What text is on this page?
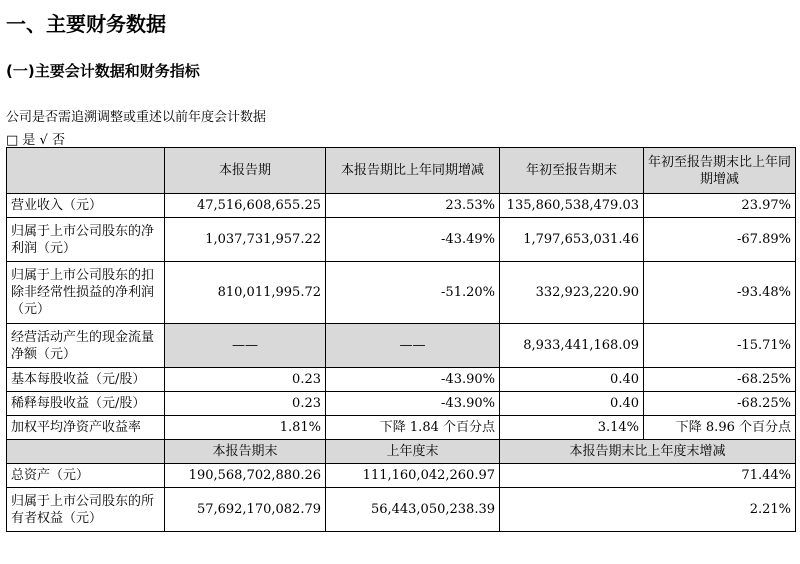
一、主要财务数据
(一)主要会计数据和财务指标
公司是否需追溯调整或重述以前年度会计数据
□ 是 √ 否
	本报告期	本报告期比上年同期增减	年初至报告期末	年初至报告期末比上年同期增减
营业收入（元）	47,516,608,655.25	23.53%	135,860,538,479.03	23.97%
归属于上市公司股东的净利润（元）	1,037,731,957.22	-43.49%	1,797,653,031.46	-67.89%
归属于上市公司股东的扣除非经常性损益的净利润（元）	810,011,995.72	-51.20%	332,923,220.90	-93.48%
经营活动产生的现金流量净额（元）	——	——	8,933,441,168.09	-15.71%
基本每股收益（元/股）	0.23	-43.90%	0.40	-68.25%
稀释每股收益（元/股）	0.23	-43.90%	0.40	-68.25%
加权平均净资产收益率	1.81%	下降 1.84 个百分点	3.14%	下降 8.96 个百分点
	本报告期末	上年度末	本报告期末比上年度末增减	
总资产（元）	190,568,702,880.26	111,160,042,260.97	71.44%	
归属于上市公司股东的所有者权益（元）	57,692,170,082.79	56,443,050,238.39	2.21%	
